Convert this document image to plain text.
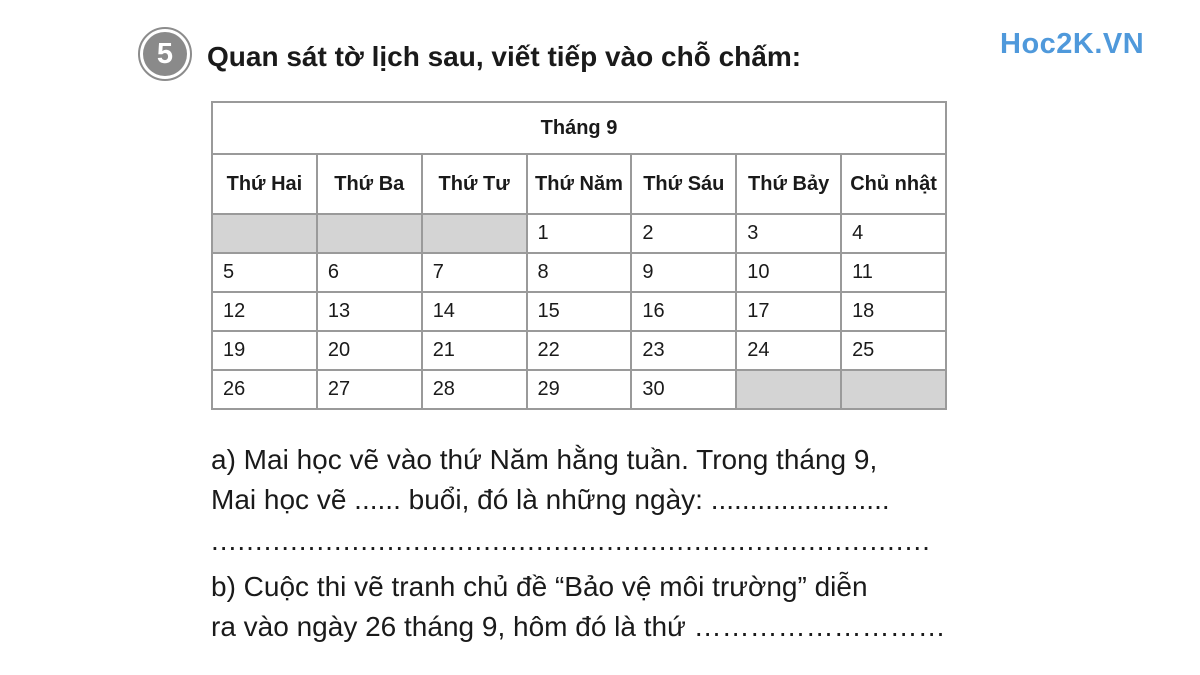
5	Quan sát tờ lịch sau, viết tiếp vào chỗ chấm:	Hoc2K.VN
Tháng 9						
Thứ Hai	Thứ Ba	Thứ Tư	Thứ Năm	Thứ Sáu	Thứ Bảy	Chủ nhật
			1	2	3	4
5	6	7	8	9	10	11
12	13	14	15	16	17	18
19	20	21	22	23	24	25
26	27	28	29	30		
a) Mai học vẽ vào thứ Năm hằng tuần. Trong tháng 9,
Mai học vẽ ...... buổi, đó là những ngày: .......................
..................................................................................
b) Cuộc thi vẽ tranh chủ đề “Bảo vệ môi trường” diễn
ra vào ngày 26 tháng 9, hôm đó là thứ ………………………
